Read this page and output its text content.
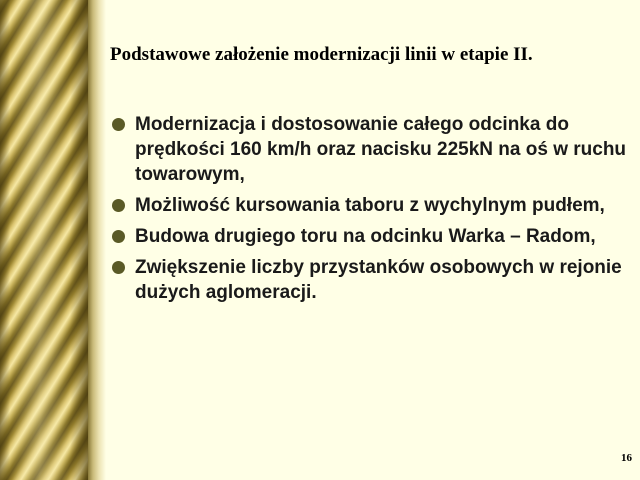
Podstawowe założenie modernizacji linii w etapie II.
Modernizacja i dostosowanie całego odcinka do prędkości 160 km/h oraz nacisku 225kN na oś w ruchu towarowym,
Możliwość kursowania taboru z wychylnym pudłem,
Budowa drugiego toru na odcinku Warka – Radom,
Zwiększenie liczby przystanków osobowych w rejonie dużych aglomeracji.
16
